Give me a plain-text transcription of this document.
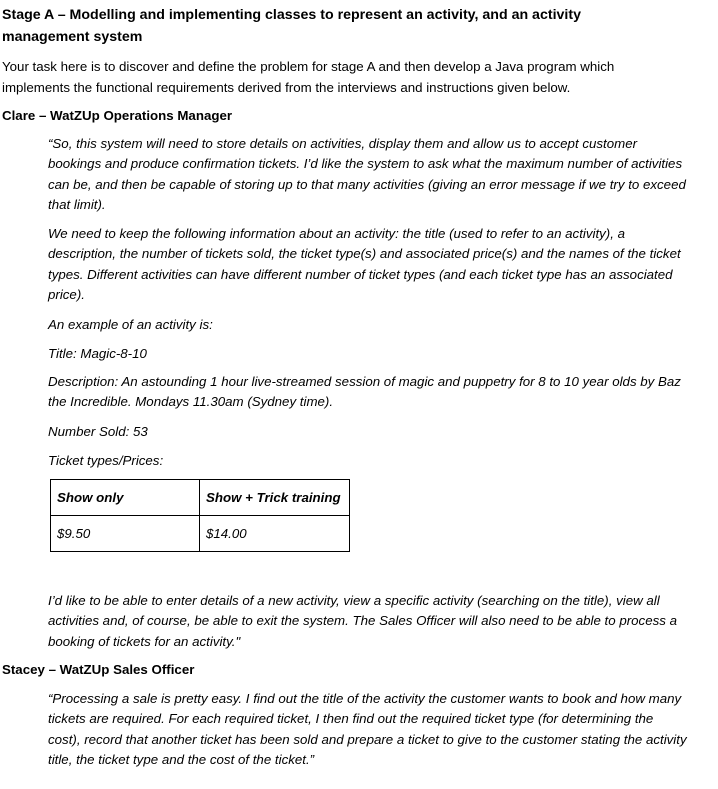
Stage A – Modelling and implementing classes to represent an activity, and an activity
management system
Your task here is to discover and define the problem for stage A and then develop a Java program which
implements the functional requirements derived from the interviews and instructions given below.
Clare – WatZUp Operations Manager
“So, this system will need to store details on activities, display them and allow us to accept customer bookings and produce confirmation tickets. I’d like the system to ask what the maximum number of activities can be, and then be capable of storing up to that many activities (giving an error message if we try to exceed that limit).
We need to keep the following information about an activity: the title (used to refer to an activity), a description, the number of tickets sold, the ticket type(s) and associated price(s) and the names of the ticket types. Different activities can have different number of ticket types (and each ticket type has an associated price).
An example of an activity is:
Title: Magic-8-10
Description: An astounding 1 hour live-streamed session of magic and puppetry for 8 to 10 year olds by Baz the Incredible. Mondays 11.30am (Sydney time).
Number Sold: 53
Ticket types/Prices:
Show only	Show + Trick training
$9.50	$14.00
I’d like to be able to enter details of a new activity, view a specific activity (searching on the title), view all activities and, of course, be able to exit the system. The Sales Officer will also need to be able to process a booking of tickets for an activity."
Stacey – WatZUp Sales Officer
“Processing a sale is pretty easy. I find out the title of the activity the customer wants to book and how many tickets are required. For each required ticket, I then find out the required ticket type (for determining the cost), record that another ticket has been sold and prepare a ticket to give to the customer stating the activity title, the ticket type and the cost of the ticket.”
